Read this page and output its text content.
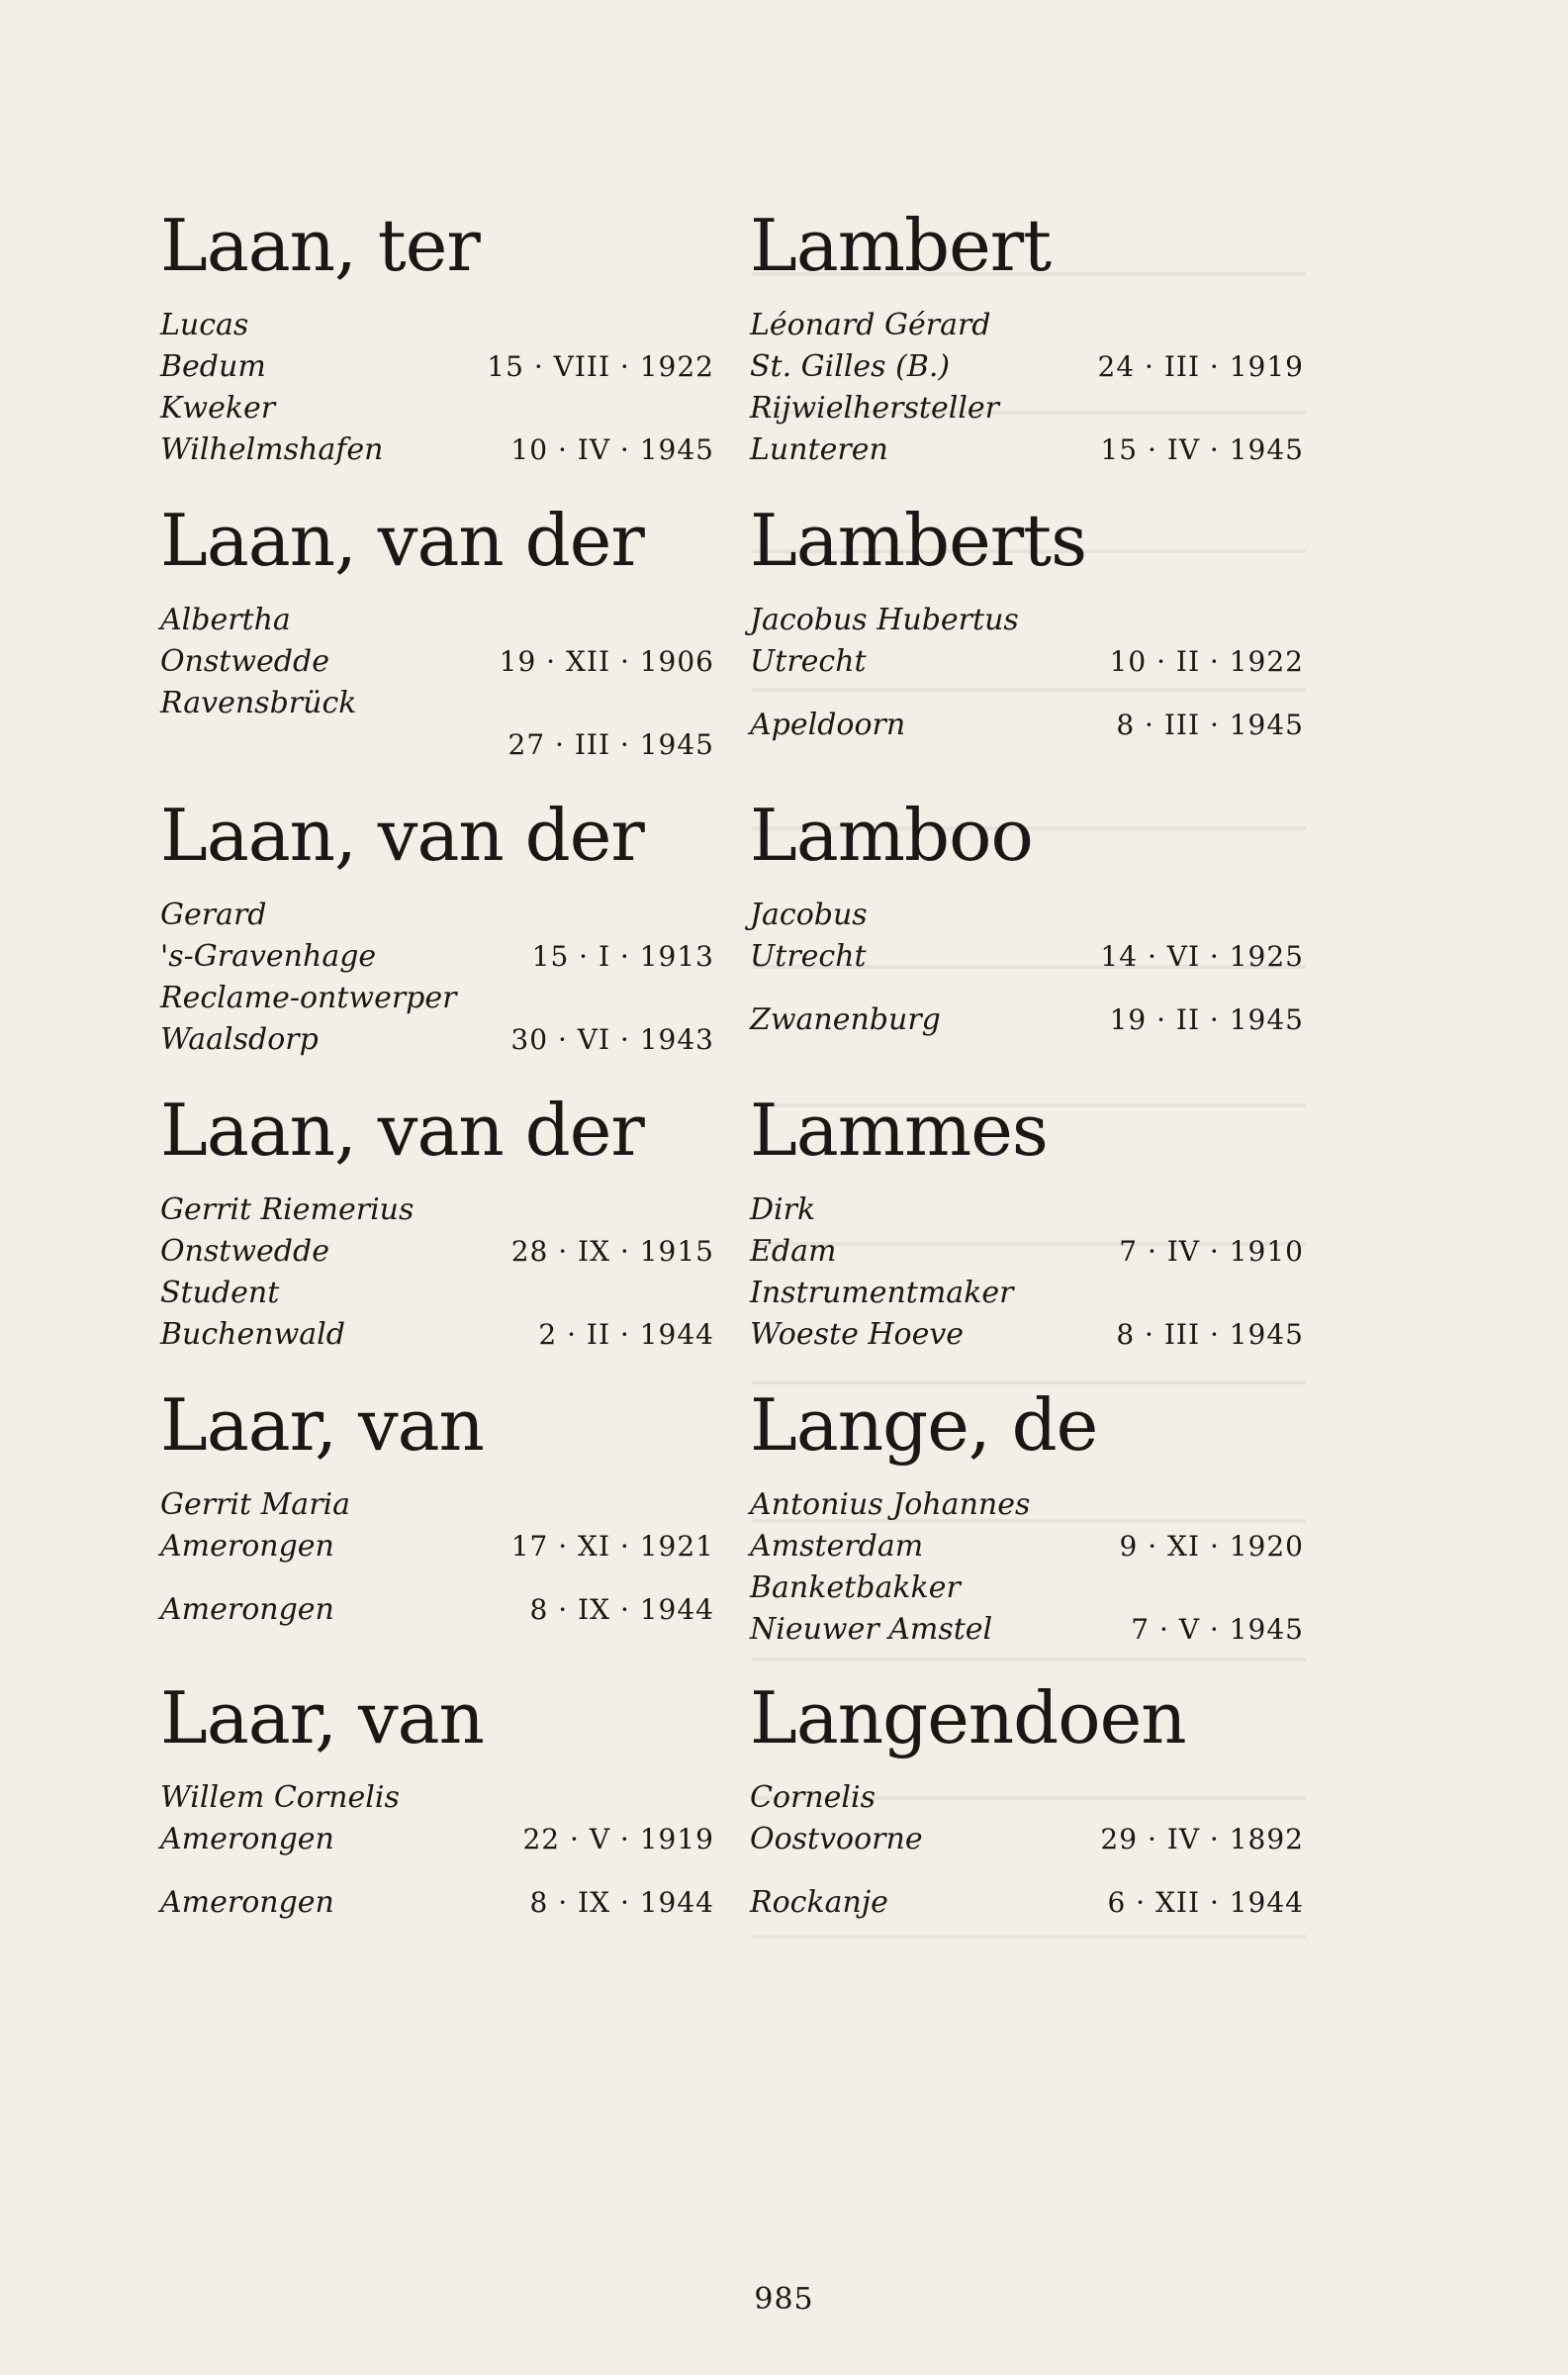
Laan, ter
Lucas
Bedum	15 · VIII · 1922
Kweker
Wilhelmshafen	10 · IV · 1945
Laan, van der
Albertha
Onstwedde	19 · XII · 1906
Ravensbrück
27 · III · 1945
Laan, van der
Gerard
's-Gravenhage	15 · I · 1913
Reclame-ontwerper
Waalsdorp	30 · VI · 1943
Laan, van der
Gerrit Riemerius
Onstwedde	28 · IX · 1915
Student
Buchenwald	2 · II · 1944
Laar, van
Gerrit Maria
Amerongen	17 · XI · 1921
Amerongen	8 · IX · 1944
Laar, van
Willem Cornelis
Amerongen	22 · V · 1919
Amerongen	8 · IX · 1944
Lambert
Léonard Gérard
St. Gilles (B.)	24 · III · 1919
Rijwielhersteller
Lunteren	15 · IV · 1945
Lamberts
Jacobus Hubertus
Utrecht	10 · II · 1922
Apeldoorn	8 · III · 1945
Lamboo
Jacobus
Utrecht	14 · VI · 1925
Zwanenburg	19 · II · 1945
Lammes
Dirk
Edam	7 · IV · 1910
Instrumentmaker
Woeste Hoeve	8 · III · 1945
Lange, de
Antonius Johannes
Amsterdam	9 · XI · 1920
Banketbakker
Nieuwer Amstel	7 · V · 1945
Langendoen
Cornelis
Oostvoorne	29 · IV · 1892
Rockanje	6 · XII · 1944
985
